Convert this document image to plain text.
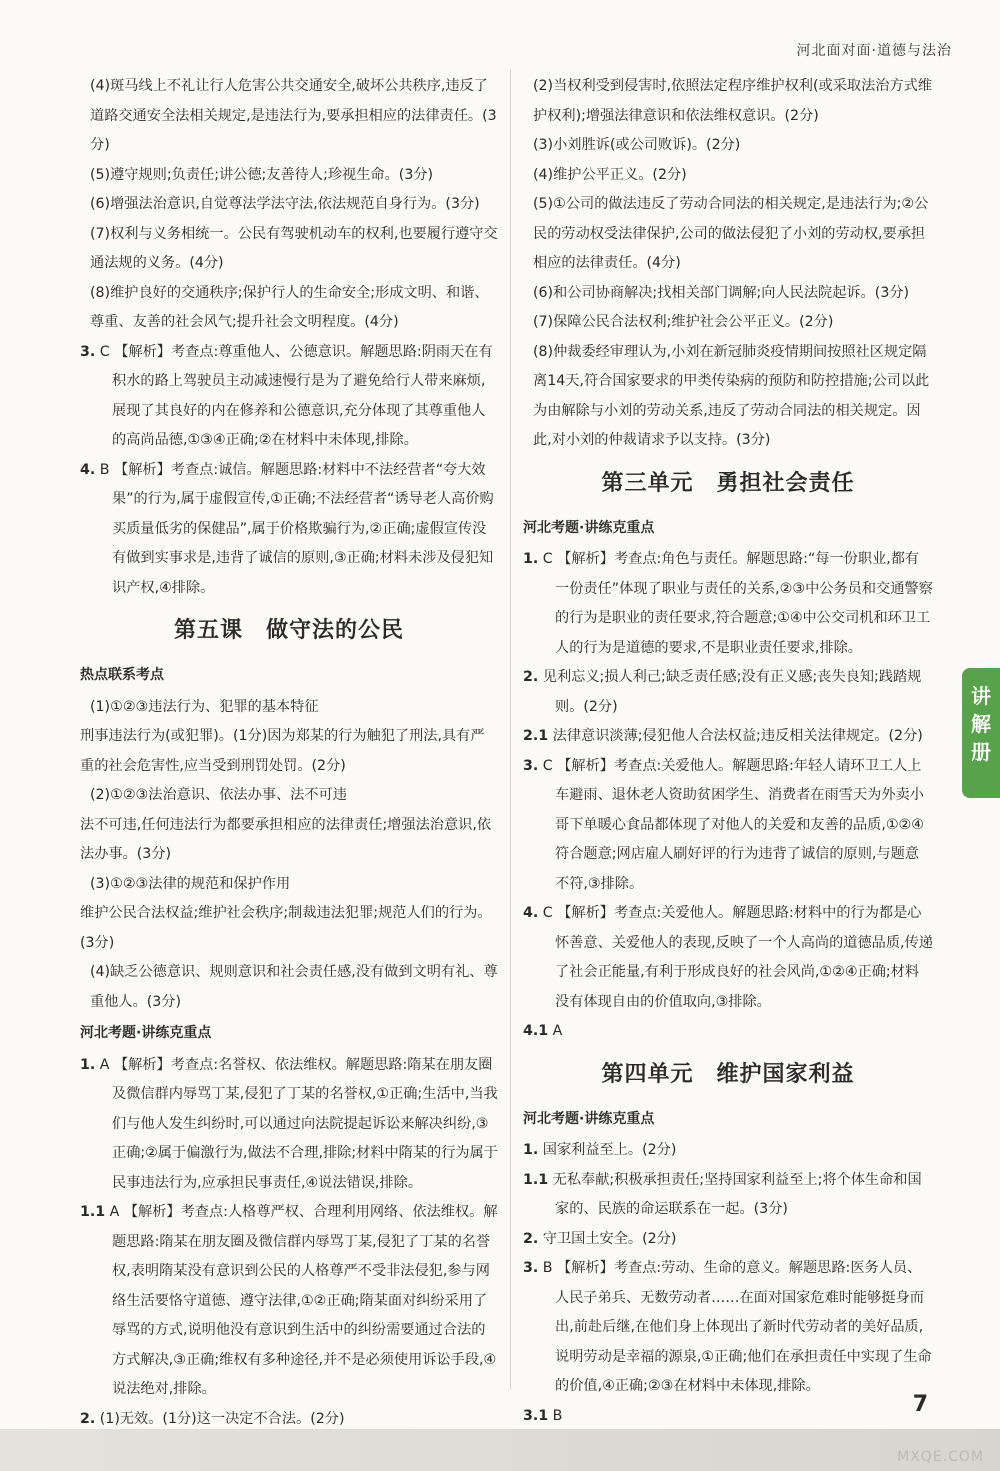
河北面对面·道德与法治

(4)斑马线上不礼让行人危害公共交通安全,破坏公共秩序,违反了道路交通安全法相关规定,是违法行为,要承担相应的法律责任。(3分)

(5)遵守规则;负责任;讲公德;友善待人;珍视生命。(3分)

(6)增强法治意识,自觉尊法学法守法,依法规范自身行为。(3分)

(7)权利与义务相统一。公民有驾驶机动车的权利,也要履行遵守交通法规的义务。(4分)

(8)维护良好的交通秩序;保护行人的生命安全;形成文明、和谐、尊重、友善的社会风气;提升社会文明程度。(4分)

3. C 【解析】考查点:尊重他人、公德意识。解题思路:阴雨天在有积水的路上驾驶员主动减速慢行是为了避免给行人带来麻烦,展现了其良好的内在修养和公德意识,充分体现了其尊重他人的高尚品德,①③④正确;②在材料中未体现,排除。

4. B 【解析】考查点:诚信。解题思路:材料中不法经营者“夸大效果”的行为,属于虚假宣传,①正确;不法经营者“诱导老人高价购买质量低劣的保健品”,属于价格欺骗行为,②正确;虚假宣传没有做到实事求是,违背了诚信的原则,③正确;材料未涉及侵犯知识产权,④排除。

第五课　做守法的公民

热点联系考点

(1)①②③违法行为、犯罪的基本特征

刑事违法行为(或犯罪)。(1分)因为郑某的行为触犯了刑法,具有严重的社会危害性,应当受到刑罚处罚。(2分)

(2)①②③法治意识、依法办事、法不可违

法不可违,任何违法行为都要承担相应的法律责任;增强法治意识,依法办事。(3分)

(3)①②③法律的规范和保护作用

维护公民合法权益;维护社会秩序;制裁违法犯罪;规范人们的行为。(3分)

(4)缺乏公德意识、规则意识和社会责任感,没有做到文明有礼、尊重他人。(3分)

河北考题·讲练克重点

1. A 【解析】考查点:名誉权、依法维权。解题思路:隋某在朋友圈及微信群内辱骂丁某,侵犯了丁某的名誉权,①正确;生活中,当我们与他人发生纠纷时,可以通过向法院提起诉讼来解决纠纷,③正确;②属于偏激行为,做法不合理,排除;材料中隋某的行为属于民事违法行为,应承担民事责任,④说法错误,排除。

1.1 A 【解析】考查点:人格尊严权、合理利用网络、依法维权。解题思路:隋某在朋友圈及微信群内辱骂丁某,侵犯了丁某的名誉权,表明隋某没有意识到公民的人格尊严不受非法侵犯,参与网络生活要恪守道德、遵守法律,①②正确;隋某面对纠纷采用了辱骂的方式,说明他没有意识到生活中的纠纷需要通过合法的方式解决,③正确;维权有多种途径,并不是必须使用诉讼手段,④说法绝对,排除。

2. (1)无效。(1分)这一决定不合法。(2分)

(2)当权利受到侵害时,依照法定程序维护权利(或采取法治方式维护权利);增强法律意识和依法维权意识。(2分)

(3)小刘胜诉(或公司败诉)。(2分)

(4)维护公平正义。(2分)

(5)①公司的做法违反了劳动合同法的相关规定,是违法行为;②公民的劳动权受法律保护,公司的做法侵犯了小刘的劳动权,要承担相应的法律责任。(4分)

(6)和公司协商解决;找相关部门调解;向人民法院起诉。(3分)

(7)保障公民合法权利;维护社会公平正义。(2分)

(8)仲裁委经审理认为,小刘在新冠肺炎疫情期间按照社区规定隔离14天,符合国家要求的甲类传染病的预防和防控措施;公司以此为由解除与小刘的劳动关系,违反了劳动合同法的相关规定。因此,对小刘的仲裁请求予以支持。(3分)

第三单元　勇担社会责任

河北考题·讲练克重点

1. C 【解析】考查点:角色与责任。解题思路:“每一份职业,都有一份责任”体现了职业与责任的关系,②③中公务员和交通警察的行为是职业的责任要求,符合题意;①④中公交司机和环卫工人的行为是道德的要求,不是职业责任要求,排除。

2. 见利忘义;损人利己;缺乏责任感;没有正义感;丧失良知;践踏规则。(2分)

2.1 法律意识淡薄;侵犯他人合法权益;违反相关法律规定。(2分)

3. C 【解析】考查点:关爱他人。解题思路:年轻人请环卫工人上车避雨、退休老人资助贫困学生、消费者在雨雪天为外卖小哥下单暖心食品都体现了对他人的关爱和友善的品质,①②④符合题意;网店雇人刷好评的行为违背了诚信的原则,与题意不符,③排除。

4. C 【解析】考查点:关爱他人。解题思路:材料中的行为都是心怀善意、关爱他人的表现,反映了一个人高尚的道德品质,传递了社会正能量,有利于形成良好的社会风尚,①②④正确;材料没有体现自由的价值取向,③排除。

4.1 A

第四单元　维护国家利益

河北考题·讲练克重点

1. 国家利益至上。(2分)

1.1 无私奉献;积极承担责任;坚持国家利益至上;将个体生命和国家的、民族的命运联系在一起。(3分)

2. 守卫国土安全。(2分)

3. B 【解析】考查点:劳动、生命的意义。解题思路:医务人员、人民子弟兵、无数劳动者……在面对国家危难时能够挺身而出,前赴后继,在他们身上体现出了新时代劳动者的美好品质,说明劳动是幸福的源泉,①正确;他们在承担责任中实现了生命的价值,④正确;②③在材料中未体现,排除。

3.1 B

讲
解
册
7
MXQE.COM
